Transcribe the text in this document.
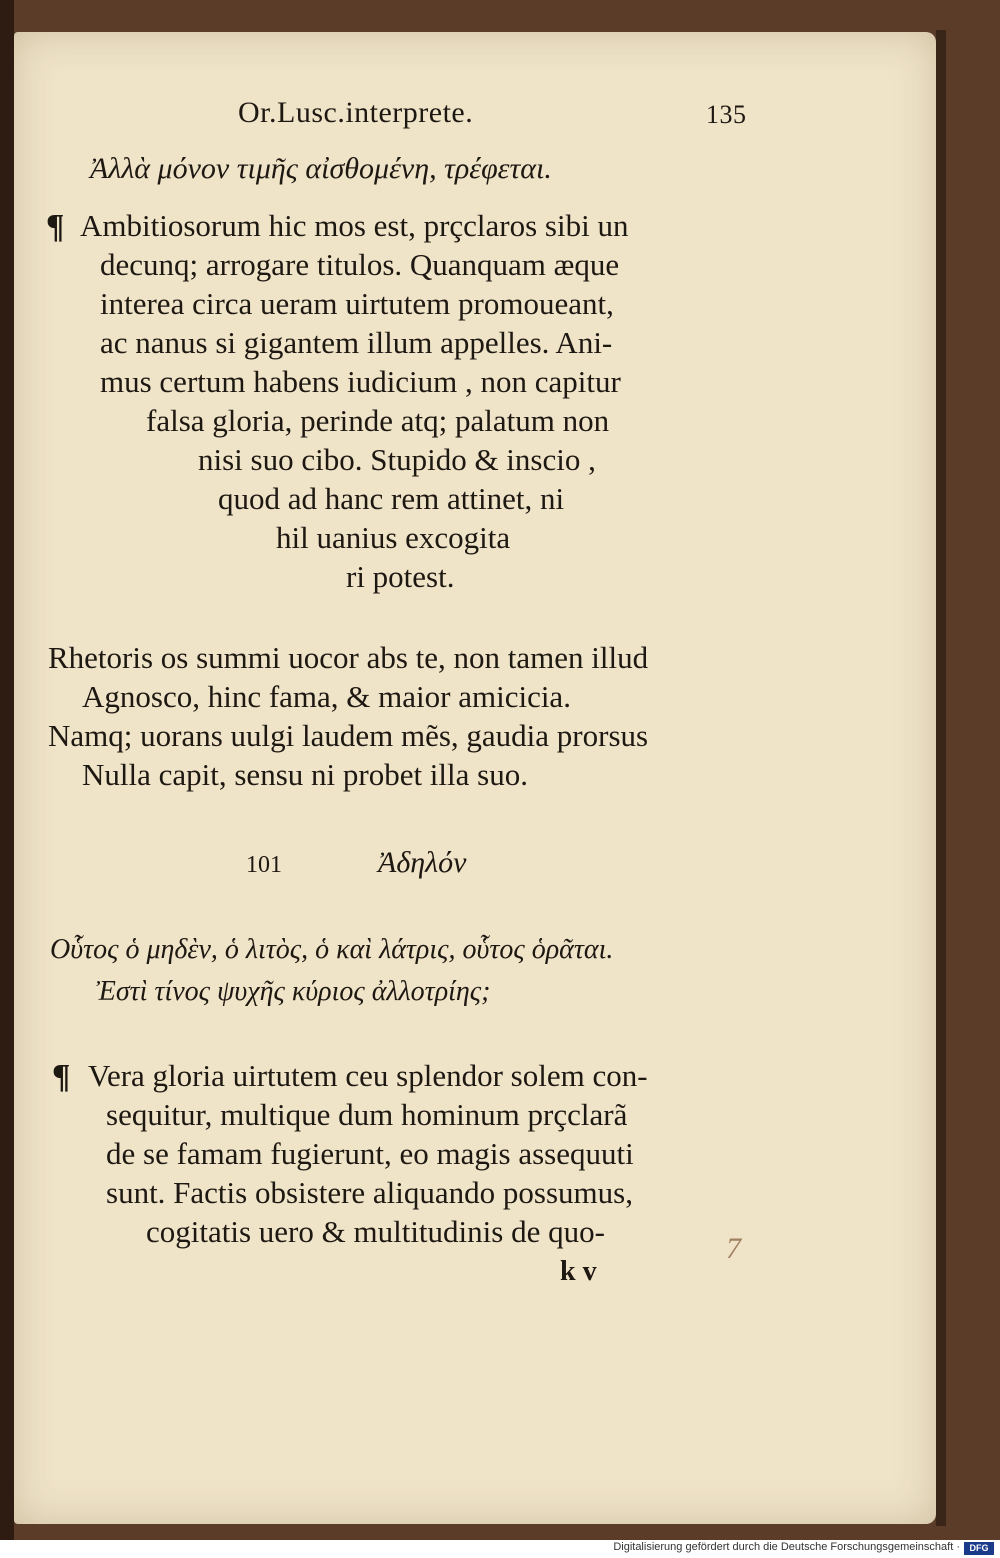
Or.Lusc.interprete.	135
Ἀλλὰ μόνον τιμῆς αἰσθομένη, τρέφεται.
¶ Ambitiosorum hic mos est, prçclaros sibi un
decunq; arrogare titulos. Quanquam æque
interea circa ueram uirtutem promoueant,
ac nanus si gigantem illum appelles. Ani-
mus certum habens iudicium , non capitur
falsa gloria, perinde atq; palatum non
nisi suo cibo. Stupido & inscio ,
quod ad hanc rem attinet, ni
hil uanius excogita
ri potest.
Rhetoris os summi uocor abs te, non tamen illud
Agnosco, hinc fama, & maior amicicia.
Namq; uorans uulgi laudem mẽs, gaudia prorsus
Nulla capit, sensu ni probet illa suo.
101	Ἀδηλόν
Οὗτος ὁ μηδὲν, ὁ λιτὸς, ὁ καὶ λάτρις, οὗτος ὁρᾶται.
Ἐστὶ τίνος ψυχῆς κύριος ἀλλοτρίης;
¶ Vera gloria uirtutem ceu splendor solem con-
sequitur, multique dum hominum prçclarã
de se famam fugierunt, eo magis assequuti
sunt. Factis obsistere aliquando possumus,
cogitatis uero & multitudinis de quo-
k v
7
Digitalisierung gefördert durch die Deutsche Forschungsgemeinschaft ·	DFG
